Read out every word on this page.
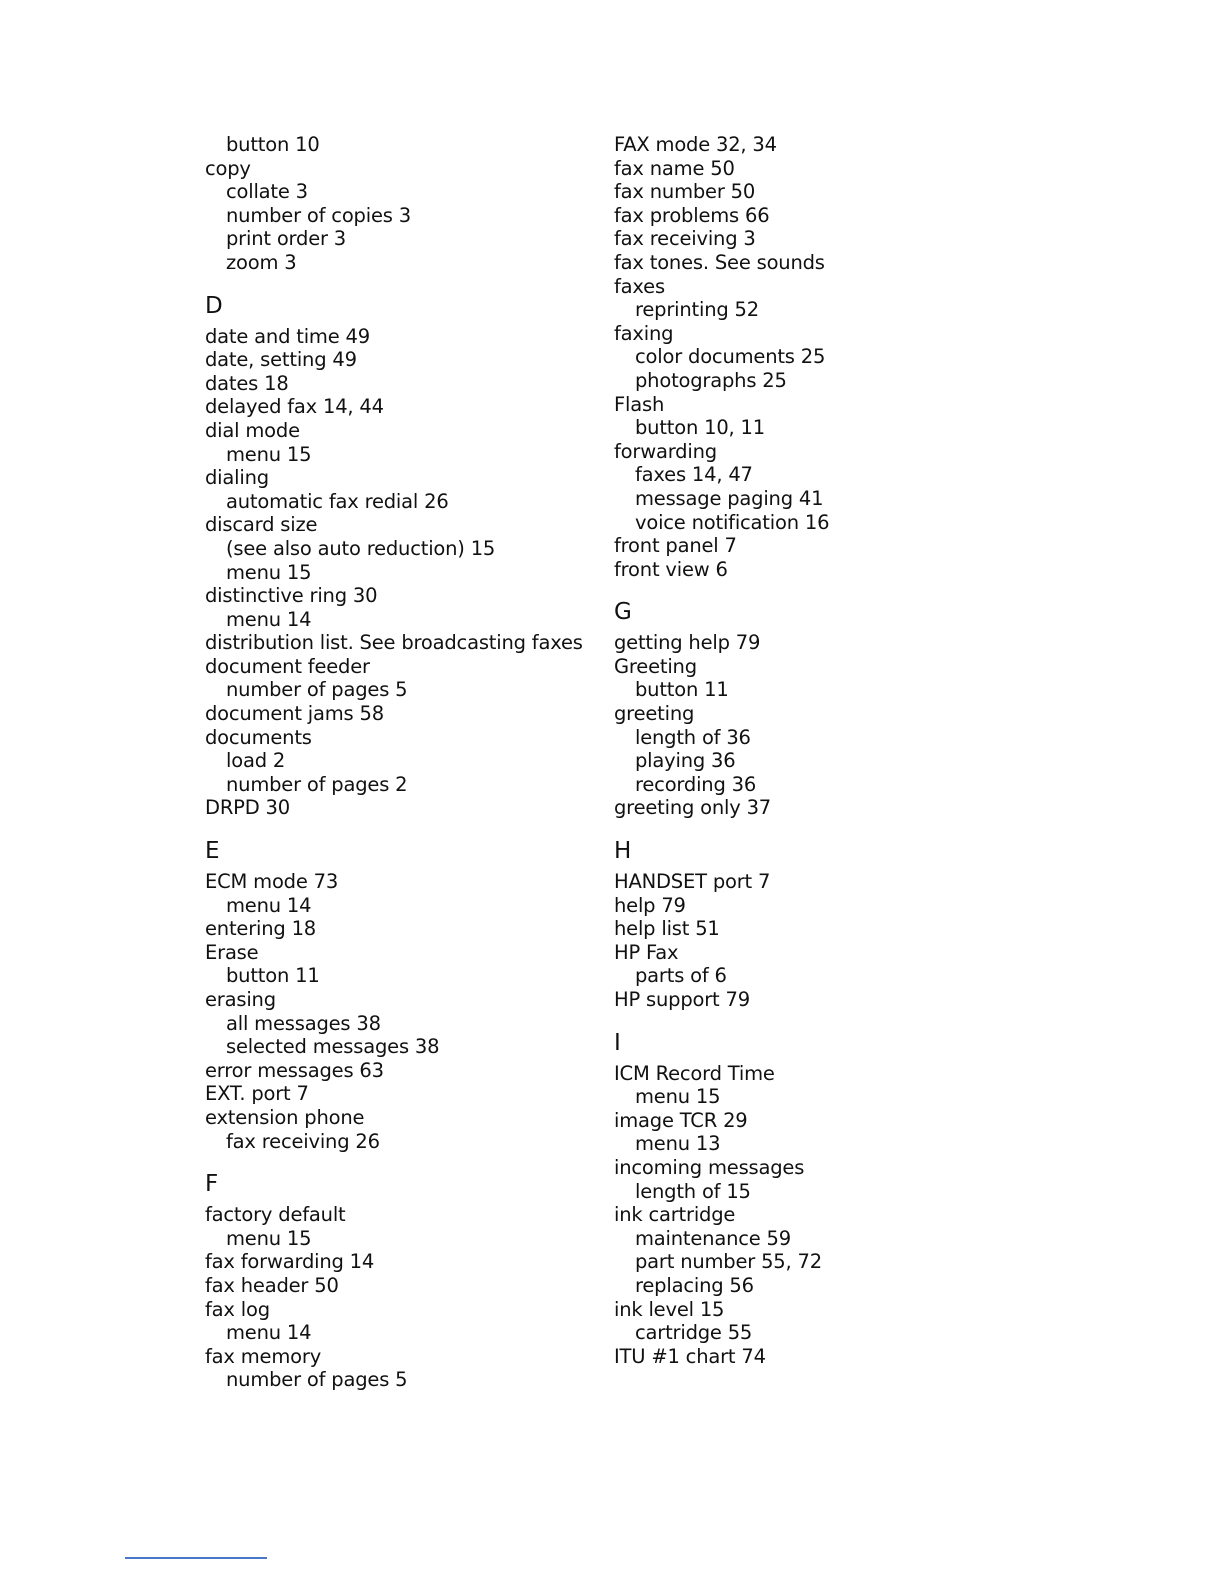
button 10
copy
collate 3
number of copies 3
print order 3
zoom 3
D
date and time 49
date, setting 49
dates 18
delayed fax 14, 44
dial mode
menu 15
dialing
automatic fax redial 26
discard size
(see also auto reduction) 15
menu 15
distinctive ring 30
menu 14
distribution list. See broadcasting faxes
document feeder
number of pages 5
document jams 58
documents
load 2
number of pages 2
DRPD 30
E
ECM mode 73
menu 14
entering 18
Erase
button 11
erasing
all messages 38
selected messages 38
error messages 63
EXT. port 7
extension phone
fax receiving 26
F
factory default
menu 15
fax forwarding 14
fax header 50
fax log
menu 14
fax memory
number of pages 5
FAX mode 32, 34
fax name 50
fax number 50
fax problems 66
fax receiving 3
fax tones. See sounds
faxes
reprinting 52
faxing
color documents 25
photographs 25
Flash
button 10, 11
forwarding
faxes 14, 47
message paging 41
voice notification 16
front panel 7
front view 6
G
getting help 79
Greeting
button 11
greeting
length of 36
playing 36
recording 36
greeting only 37
H
HANDSET port 7
help 79
help list 51
HP Fax
parts of 6
HP support 79
I
ICM Record Time
menu 15
image TCR 29
menu 13
incoming messages
length of 15
ink cartridge
maintenance 59
part number 55, 72
replacing 56
ink level 15
cartridge 55
ITU #1 chart 74
